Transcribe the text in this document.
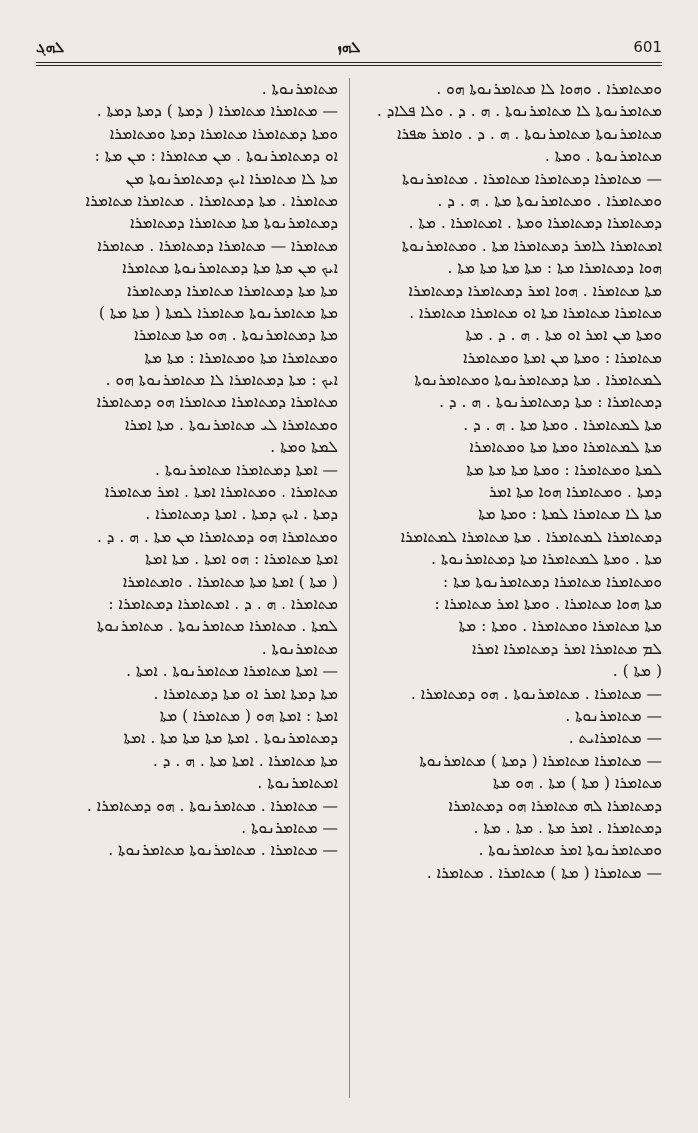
ܠܗܓ	ܠܗܙ	601
ܘܡܬܐܡܪܐ . ܘܗܘܐ ܠܐ ܡܬܐܡܪܢܘܬܐ ܗܘ .
ܡܬܐܡܪܢܘܬܐ ܠܐ ܡܬܐܡܪܢܘܬܐ . ܗ . ܕ . ܘܠܐ ܦܠܐܕ .
ܡܬܐܡܪܢܘܬܐ ܡܬܐܡܪܢܘܬܐ . ܗ . ܕ . ܘܐܡܪ ܣܦܪܐ
ܡܬܐܡܪܢܘܬܐ . ܘܡܬܐ .
— ܡܬܐܡܪܐ ܕܡܬܐܡܪܐ ܡܬܐܡܪܐ . ܡܬܐܡܪܢܘܬܐ
ܘܡܬܐܡܪܐ . ܘܡܬܐܡܪܢܘܬܐ ܡܬܐ . ܗ . ܕ .
ܕܡܬܐܡܪܐ ܕܡܬܐܡܪܐ ܘܡܬܐ . ܐܡܬܐܡܪܐ . ܡܬܐ .
ܐܡܬܐܡܪܐ ܠܐܡܪ ܕܡܬܐܡܪܐ ܡܬܐ . ܘܡܬܐܡܪܢܘܬܐ
ܗܘܐ ܕܡܬܐܡܪܐ ܡܬܐ : ܡܬܐ ܡܬܐ ܡܬܐ ܡܬܐ .
ܡܬܐ ܡܬܐܡܪܐ . ܗܘܐ ܐܡܪ ܕܡܬܐܡܪܐ ܕܡܬܐܡܪܐ
ܡܬܐܡܪܐ ܡܬܐܡܪܐ ܡܬܐ ܐܘ ܡܬܐܡܪܐ ܡܬܐܡܪܐ .
ܘܡܬܐ ܡܢ ܐܡܪ ܐܘ ܡܬܐ . ܗ . ܕ . ܡܬܐ
ܡܬܐܡܪܐ : ܘܡܬܐ ܡܢ ܐܡܬܐ ܘܡܬܐܡܪܐ
ܠܡܬܐܡܪܐ . ܡܬܐ ܕܡܬܐܡܪܢܘܬܐ ܘܡܬܐܡܪܢܘܬܐ
ܕܡܬܐܡܪܐ : ܡܬܐ ܕܡܬܐܡܪܢܘܬܐ . ܗ . ܕ .
ܡܬܐ ܠܡܬܐܡܪܐ . ܘܡܬܐ ܡܬܐ . ܗ . ܕ .
ܡܬܐ ܠܡܬܐܡܪܐ ܘܡܬܐ ܡܬܐ ܘܡܬܐܡܪܐ
ܠܡܬܐ ܘܡܬܐܡܪܐ : ܘܡܬܐ ܡܬܐ ܡܬܐ ܡܬܐ
ܕܡܬܐ . ܘܡܬܐܡܪܐ ܗܘܐ ܡܬܐ ܐܡܪ
ܡܬܐ ܠܐ ܡܬܐܡܪܐ ܠܡܬܐ : ܘܡܬܐ ܡܬܐ
ܕܡܬܐܡܪܐ ܠܡܬܐܡܪܐ . ܡܬܐ ܡܬܐܡܪܐ ܠܡܬܐܡܪܐ
ܡܬܐ . ܘܡܬܐ ܠܡܬܐܡܪܐ ܡܬܐ ܕܡܬܐܡܪܢܘܬܐ .
ܘܡܬܐܡܪܐ ܡܬܐܡܪܐ ܕܡܬܐܡܪܢܘܬܐ ܡܬܐ :
ܡܬܐ ܗܘܐ ܡܬܐܡܪܐ . ܘܡܬܐ ܐܡܪ ܡܬܐܡܪܐ :
ܡܬܐ ܡܬܐܡܪܐ ܘܡܬܐܡܪܐ . ܘܡܬܐ : ܡܬܐ
ܠܡ ܡܬܐܡܪܐ ܐܡܪ ܕܡܬܐܡܪܐ ܐܡܪܐ
( ܡܬܐ ) .
— ܡܬܐܡܪܐ . ܡܬܐܡܪܢܘܬܐ . ܗܘ ܕܡܬܐܡܪܐ .
— ܡܬܐܡܪܢܘܬܐ .
— ܡܬܐܡܪܐܝܬ .
— ܡܬܐܡܪܐ ܡܬܐܡܪܐ ( ܕܡܬܐ ) ܡܬܐܡܪܢܘܬܐ
ܡܬܐܡܪܐ ( ܡܬܐ ) ܡܬܐ . ܗܘ ܡܬܐ
ܕܡܬܐܡܪܐ ܠܗ ܡܬܐܡܪܐ ܗܘ ܕܡܬܐܡܪܐ
ܕܡܬܐܡܪܐ . ܐܡܪ ܡܬܐ . ܡܬܐ . ܡܬܐ .
ܘܡܬܐܡܪܢܘܬܐ ܐܡܪ ܡܬܐܡܪܢܘܬܐ .
— ܡܬܐܡܪܐ ( ܡܬܐ ) ܡܬܐܡܪܐ . ܡܬܐܡܪܐ .
ܡܬܐܡܪܢܘܬܐ .
— ܡܬܐܡܪܐ ܡܬܐܡܪܐ ( ܕܡܬܐ ) ܕܡܬܐ ܕܡܬܐ .
ܘܡܬܐ ܕܡܬܐܡܪܐ ܡܬܐܡܪܐ ܕܡܬܐ ܘܡܬܐܡܪܐ
ܐܘ ܕܡܬܐܡܪܢܘܬܐ . ܡܢ ܡܬܐܡܪܐ : ܡܢ ܡܬܐ :
ܡܬܐ ܠܐ ܡܬܐܡܪܐ ܐܝܟ ܕܡܬܐܡܪܢܘܬܐ ܡܢ
ܡܬܐܡܪܐ . ܡܬܐ ܕܡܬܐܡܪܐ . ܡܬܐܡܪܐ ܡܬܐܡܪܐ
ܕܡܬܐܡܪܢܘܬܐ ܡܬܐ ܡܬܐܡܪܐ ܕܡܬܐܡܪܐ
ܡܬܐܡܪܐ — ܡܬܐܡܪܐ ܕܡܬܐܡܪܐ . ܡܬܐܡܪܐ
ܐܝܟ ܡܢ ܡܬܐ ܡܬܐ ܕܡܬܐܡܪܢܘܬܐ ܡܬܐܡܪܐ
ܡܬܐ ܡܬܐ ܕܡܬܐܡܪܐ ܡܬܐܡܪܐ ܕܡܬܐܡܪܐ
ܡܬܐ ܡܬܐܡܪܢܘܬܐ ܡܬܐܡܪܐ ܠܡܬܐ ( ܡܬܐ ܡܬܐ )
ܡܬܐ ܕܡܬܐܡܪܢܘܬܐ . ܗܘ ܡܬܐ ܡܬܐܡܪܐ
ܘܡܬܐܡܪܐ ܡܬܐ ܘܡܬܐܡܪܐ : ܡܬܐ ܡܬܐ
ܐܝܟ : ܡܬܐ ܕܡܬܐܡܪܐ ܠܐ ܡܬܐܡܪܢܘܬܐ ܗܘ .
ܡܬܐܡܪܐ ܕܡܬܐܡܪܐ ܡܬܐܡܪܐ ܗܘ ܕܡܬܐܡܪܐ
ܘܡܬܐܡܪܐ ܠܝ ܡܬܐܡܪܢܘܬܐ . ܡܬܐ ܐܡܪܐ
ܠܡܬܐ ܘܡܬܐ .
— ܐܡܬܐ ܕܡܬܐܡܪܐ ܡܬܐܡܪܢܘܬܐ .
ܡܬܐܡܪܐ . ܘܡܬܐܡܪܐ ܐܡܬܐ . ܐܡܪ ܡܬܐܡܪܐ
ܕܡܬܐ . ܐܝܟ ܕܡܬܐ . ܐܡܬܐ ܕܡܬܐܡܪܐ .
ܘܡܬܐܡܪܐ ܗܘ ܕܡܬܐܡܪܐ ܡܢ ܡܬܐ . ܗ . ܕ .
ܐܡܬܐ ܡܬܐܡܪܐ : ܗܘ ܐܡܬܐ . ܡܬܐ ܐܡܬܐ
( ܡܬܐ ) ܐܡܬܐ ܡܬܐ ܡܬܐܡܪܐ . ܘܐܡܬܐܡܪܐ
ܡܬܐܡܪܐ . ܗ . ܕ . ܐܡܬܐܡܪܐ ܕܡܬܐܡܪܐ :
ܠܡܬܐ . ܡܬܐܡܪܐ ܡܬܐܡܪܢܘܬܐ . ܡܬܐܡܪܢܘܬܐ
ܡܬܐܡܪܢܘܬܐ .
— ܐܡܬܐ ܡܬܐܡܪܐ ܡܬܐܡܪܢܘܬܐ . ܐܡܬܐ .
ܡܬܐ ܕܡܬܐ ܐܡܪ ܐܘ ܡܬܐ ܕܡܬܐܡܪܐ .
ܐܡܬܐ : ܐܡܬܐ ܗܘ ( ܡܬܐܡܪܐ ) ܡܬܐ
ܕܡܬܐܡܪܢܘܬܐ . ܐܡܬܐ ܡܬܐ ܡܬܐ ܡܬܐ . ܐܡܬܐ
ܡܬܐ ܡܬܐܡܪܐ . ܐܡܬܐ ܡܬܐ . ܗ . ܕ .
ܐܡܬܐܡܪܢܘܬܐ .
— ܡܬܐܡܪܐ . ܡܬܐܡܪܢܘܬܐ . ܗܘ ܕܡܬܐܡܪܐ .
— ܡܬܐܡܪܢܘܬܐ .
— ܡܬܐܡܪܐ . ܡܬܐܡܪܢܘܬܐ ܡܬܐܡܪܢܘܬܐ .
